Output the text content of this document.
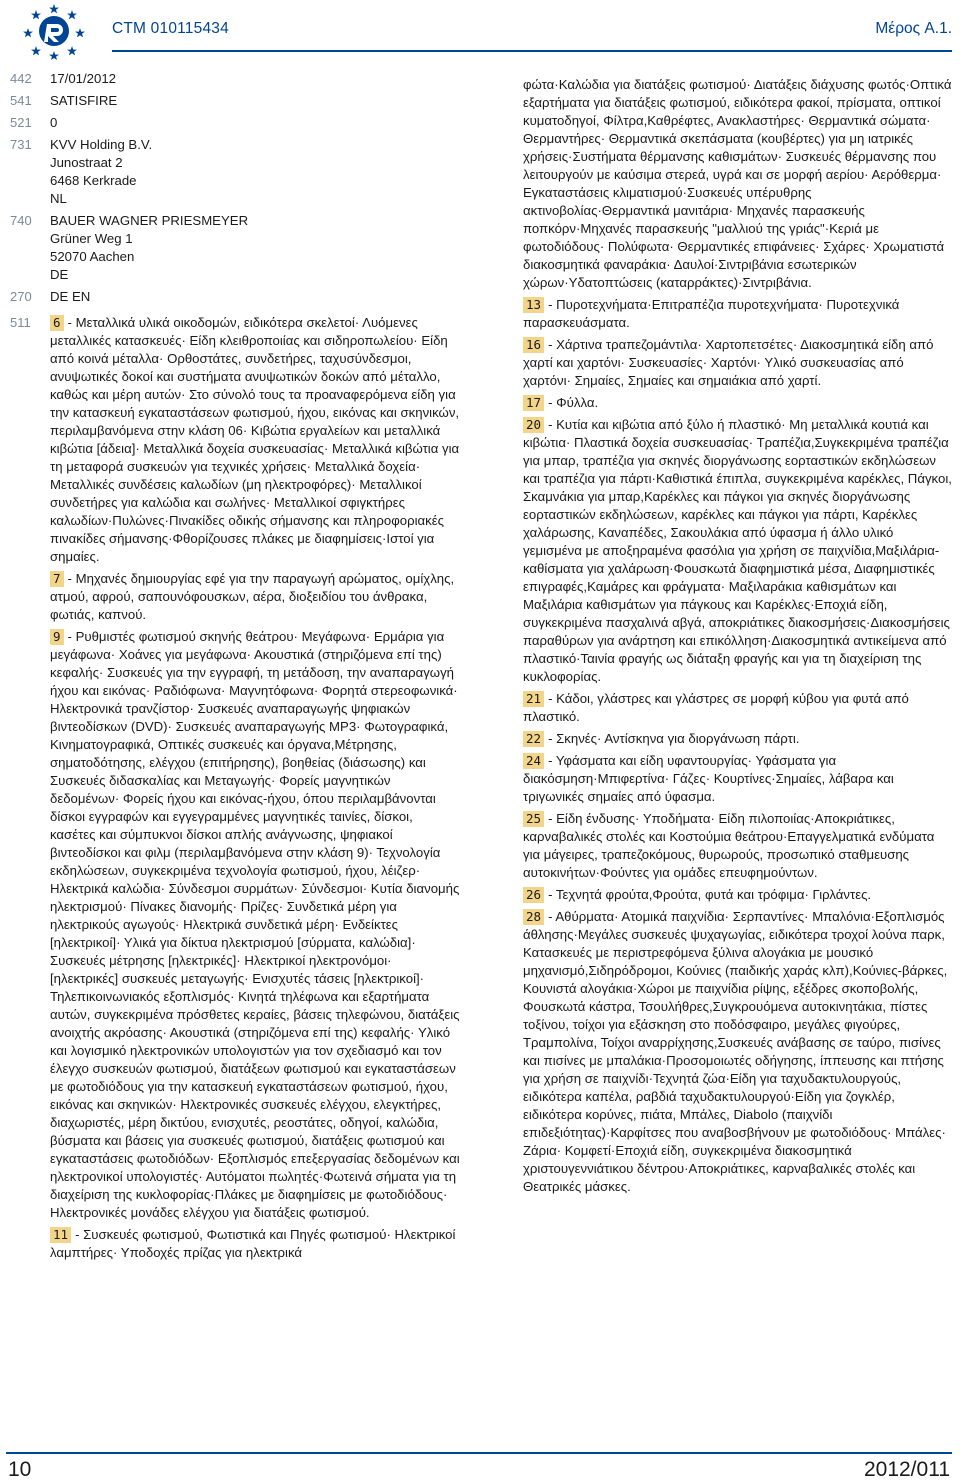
CTM 010115434	Μέρος A.1.
442	17/01/2012
541	SATISFIRE
521	0
731	KVV Holding B.V.
Junostraat 2
6468 Kerkrade
NL
740	BAUER WAGNER PRIESMEYER
Grüner Weg 1
52070 Aachen
DE
270	DE EN
511	6 - Μεταλλικά υλικά οικοδομών, ειδικότερα σκελετοί· Λυόμενες μεταλλικές κατασκευές· Είδη κλειθροποιίας και σιδηροπωλείου· Είδη από κοινά μέταλλα· Ορθοστάτες, συνδετήρες, ταχυσύνδεσμοι, ανυψωτικές δοκοί και συστήματα ανυψωτικών δοκών από μέταλλο, καθώς και μέρη αυτών· Στο σύνολό τους τα προαναφερόμενα είδη για την κατασκευή εγκαταστάσεων φωτισμού, ήχου, εικόνας και σκηνικών, περιλαμβανόμενα στην κλάση 06· Κιβώτια εργαλείων και μεταλλικά κιβώτια [άδεια]· Μεταλλικά δοχεία συσκευασίας· Μεταλλικά κιβώτια για τη μεταφορά συσκευών για τεχνικές χρήσεις· Μεταλλικά δοχεία· Μεταλλικές συνδέσεις καλωδίων (μη ηλεκτροφόρες)· Μεταλλικοί συνδετήρες για καλώδια και σωλήνες· Μεταλλικοί σφιγκτήρες καλωδίων·Πυλώνες·Πινακίδες οδικής σήμανσης και πληροφοριακές πινακίδες σήμανσης·Φθορίζουσες πλάκες με διαφημίσεις·Ιστοί για σημαίες.
7 - Μηχανές δημιουργίας εφέ για την παραγωγή αρώματος, ομίχλης, ατμού, αφρού, σαπουνόφουσκων, αέρα, διοξειδίου του άνθρακα, φωτιάς, καπνού.
9 - Ρυθμιστές φωτισμού σκηνής θεάτρου· Μεγάφωνα· Ερμάρια για μεγάφωνα· Χοάνες για μεγάφωνα· Ακουστικά (στηριζόμενα επί της) κεφαλής· Συσκευές για την εγγραφή, τη μετάδοση, την αναπαραγωγή ήχου και εικόνας· Ραδιόφωνα· Μαγνητόφωνα· Φορητά στερεοφωνικά· Ηλεκτρονικά τρανζίστορ· Συσκευές αναπαραγωγής ψηφιακών βιντεοδίσκων (DVD)· Συσκευές αναπαραγωγής MP3· Φωτογραφικά, Κινηματογραφικά, Οπτικές συσκευές και όργανα,Μέτρησης, σηματοδότησης, ελέγχου (επιτήρησης), βοηθείας (διάσωσης) και Συσκευές διδασκαλίας και Μεταγωγής· Φορείς μαγνητικών δεδομένων· Φορείς ήχου και εικόνας-ήχου, όπου περιλαμβάνονται δίσκοι εγγραφών και εγγεγραμμένες μαγνητικές ταινίες, δίσκοι, κασέτες και σύμπυκνοι δίσκοι απλής ανάγνωσης, ψηφιακοί βιντεοδίσκοι και φιλμ (περιλαμβανόμενα στην κλάση 9)· Τεχνολογία εκδηλώσεων, συγκεκριμένα τεχνολογία φωτισμού, ήχου, λέιζερ· Ηλεκτρικά καλώδια· Σύνδεσμοι συρμάτων· Σύνδεσμοι· Κυτία διανομής ηλεκτρισμού· Πίνακες διανομής· Πρίζες· Συνδετικά μέρη για ηλεκτρικούς αγωγούς· Ηλεκτρικά συνδετικά μέρη· Ενδείκτες [ηλεκτρικοί]· Υλικά για δίκτυα ηλεκτρισμού [σύρματα, καλώδια]· Συσκευές μέτρησης [ηλεκτρικές]· Ηλεκτρικοί ηλεκτρονόμοι· [ηλεκτρικές] συσκευές μεταγωγής· Ενισχυτές τάσεις [ηλεκτρικοί]· Τηλεπικοινωνιακός εξοπλισμός· Κινητά τηλέφωνα και εξαρτήματα αυτών, συγκεκριμένα πρόσθετες κεραίες, βάσεις τηλεφώνου, διατάξεις ανοιχτής ακρόασης· Ακουστικά (στηριζόμενα επί της) κεφαλής· Υλικό και λογισμικό ηλεκτρονικών υπολογιστών για τον σχεδιασμό και τον έλεγχο συσκευών φωτισμού, διατάξεων φωτισμού και εγκαταστάσεων με φωτοδιόδους για την κατασκευή εγκαταστάσεων φωτισμού, ήχου, εικόνας και σκηνικών· Ηλεκτρονικές συσκευές ελέγχου, ελεγκτήρες, διαχωριστές, μέρη δικτύου, ενισχυτές, ρεοστάτες, οδηγοί, καλώδια, βύσματα και βάσεις για συσκευές φωτισμού, διατάξεις φωτισμού και εγκαταστάσεις φωτοδιόδων· Εξοπλισμός επεξεργασίας δεδομένων και ηλεκτρονικοί υπολογιστές· Αυτόματοι πωλητές·Φωτεινά σήματα για τη διαχείριση της κυκλοφορίας·Πλάκες με διαφημίσεις με φωτοδιόδους· Ηλεκτρονικές μονάδες ελέγχου για διατάξεις φωτισμού.
11 - Συσκευές φωτισμού, Φωτιστικά και Πηγές φωτισμού· Ηλεκτρικοί λαμπτήρες· Υποδοχές πρίζας για ηλεκτρικά
φώτα·Καλώδια για διατάξεις φωτισμού· Διατάξεις διάχυσης φωτός·Οπτικά εξαρτήματα για διατάξεις φωτισμού, ειδικότερα φακοί, πρίσματα, οπτικοί κυματοδηγοί, Φίλτρα,Καθρέφτες, Ανακλαστήρες· Θερμαντικά σώματα· Θερμαντήρες· Θερμαντικά σκεπάσματα (κουβέρτες) για μη ιατρικές χρήσεις·Συστήματα θέρμανσης καθισμάτων· Συσκευές θέρμανσης που λειτουργούν με καύσιμα στερεά, υγρά και σε μορφή αερίου· Αερόθερμα· Εγκαταστάσεις κλιματισμού·Συσκευές υπέρυθρης ακτινοβολίας·Θερμαντικά μανιτάρια· Μηχανές παρασκευής ποπκόρν·Μηχανές παρασκευής "μαλλιού της γριάς"·Κεριά με φωτοδιόδους· Πολύφωτα· Θερμαντικές επιφάνειες· Σχάρες· Χρωματιστά διακοσμητικά φαναράκια· Δαυλοί·Σιντριβάνια εσωτερικών χώρων·Υδατοπτώσεις (καταρράκτες)·Σιντριβάνια.
13 - Πυροτεχνήματα·Επιτραπέζια πυροτεχνήματα· Πυροτεχνικά παρασκευάσματα.
16 - Χάρτινα τραπεζομάντιλα· Χαρτοπετσέτες· Διακοσμητικά είδη από χαρτί και χαρτόνι· Συσκευασίες· Χαρτόνι· Υλικό συσκευασίας από χαρτόνι· Σημαίες, Σημαίες και σημαιάκια από χαρτί.
17 - Φύλλα.
20 - Κυτία και κιβώτια από ξύλο ή πλαστικό· Μη μεταλλικά κουτιά και κιβώτια· Πλαστικά δοχεία συσκευασίας· Τραπέζια,Συγκεκριμένα τραπέζια για μπαρ, τραπέζια για σκηνές διοργάνωσης εορταστικών εκδηλώσεων και τραπέζια για πάρτι·Καθιστικά έπιπλα, συγκεκριμένα καρέκλες, Πάγκοι, Σκαμνάκια για μπαρ,Καρέκλες και πάγκοι για σκηνές διοργάνωσης εορταστικών εκδηλώσεων, καρέκλες και πάγκοι για πάρτι, Καρέκλες χαλάρωσης, Καναπέδες, Σακουλάκια από ύφασμα ή άλλο υλικό γεμισμένα με αποξηραμένα φασόλια για χρήση σε παιχνίδια,Μαξιλάρια-καθίσματα για χαλάρωση·Φουσκωτά διαφημιστικά μέσα, Διαφημιστικές επιγραφές,Καμάρες και φράγματα· Μαξιλαράκια καθισμάτων και Μαξιλάρια καθισμάτων για πάγκους και Καρέκλες·Εποχιά είδη, συγκεκριμένα πασχαλινά αβγά, αποκριάτικες διακοσμήσεις·Διακοσμήσεις παραθύρων για ανάρτηση και επικόλληση·Διακοσμητικά αντικείμενα από πλαστικό·Ταινία φραγής ως διάταξη φραγής και για τη διαχείριση της κυκλοφορίας.
21 - Κάδοι, γλάστρες και γλάστρες σε μορφή κύβου για φυτά από πλαστικό.
22 - Σκηνές· Αντίσκηνα για διοργάνωση πάρτι.
24 - Υφάσματα και είδη υφαντουργίας· Υφάσματα για διακόσμηση·Μπιφερτίνα· Γάζες· Κουρτίνες·Σημαίες, λάβαρα και τριγωνικές σημαίες από ύφασμα.
25 - Είδη ένδυσης· Υποδήματα· Είδη πιλοποιίας·Αποκριάτικες, καρναβαλικές στολές και Κοστούμια θεάτρου·Επαγγελματικά ενδύματα για μάγειρες, τραπεζοκόμους, θυρωρούς, προσωπικό σταθμευσης αυτοκινήτων·Φούντες για ομάδες επευφημούντων.
26 - Τεχνητά φρούτα,Φρούτα, φυτά και τρόφιμα· Γιρλάντες.
28 - Αθύρματα· Ατομικά παιχνίδια· Σερπαντίνες· Μπαλόνια·Εξοπλισμός άθλησης·Μεγάλες συσκευές ψυχαγωγίας, ειδικότερα τροχοί λούνα παρκ, Κατασκευές με περιστρεφόμενα ξύλινα αλογάκια με μουσικό μηχανισμό,Σιδηρόδρομοι, Κούνιες (παιδικής χαράς κλπ),Κούνιες-βάρκες, Κουνιστά αλογάκια·Χώροι με παιχνίδια ρίψης, εξέδρες σκοποβολής, Φουσκωτά κάστρα, Τσουλήθρες,Συγκρουόμενα αυτοκινητάκια, πίστες τοξίνου, τοίχοι για εξάσκηση στο ποδόσφαιρο, μεγάλες φιγούρες, Τραμπολίνα, Τοίχοι αναρρίχησης,Συσκευές ανάβασης σε ταύρο, πισίνες και πισίνες με μπαλάκια·Προσομοιωτές οδήγησης, ίππευσης και πτήσης για χρήση σε παιχνίδι·Τεχνητά ζώα·Είδη για ταχυδακτυλουργούς, ειδικότερα καπέλα, ραβδιά ταχυδακτυλουργού·Είδη για ζογκλέρ, ειδικότερα κορύνες, πιάτα, Μπάλες, Diabolo (παιχνίδι επιδεξιότητας)·Καρφίτσες που αναβοσβήνουν με φωτοδιόδους· Μπάλες· Ζάρια· Κομφετί·Εποχιά είδη, συγκεκριμένα διακοσμητικά χριστουγεννιάτικου δέντρου·Αποκριάτικες, καρναβαλικές στολές και Θεατρικές μάσκες.
10	2012/011
